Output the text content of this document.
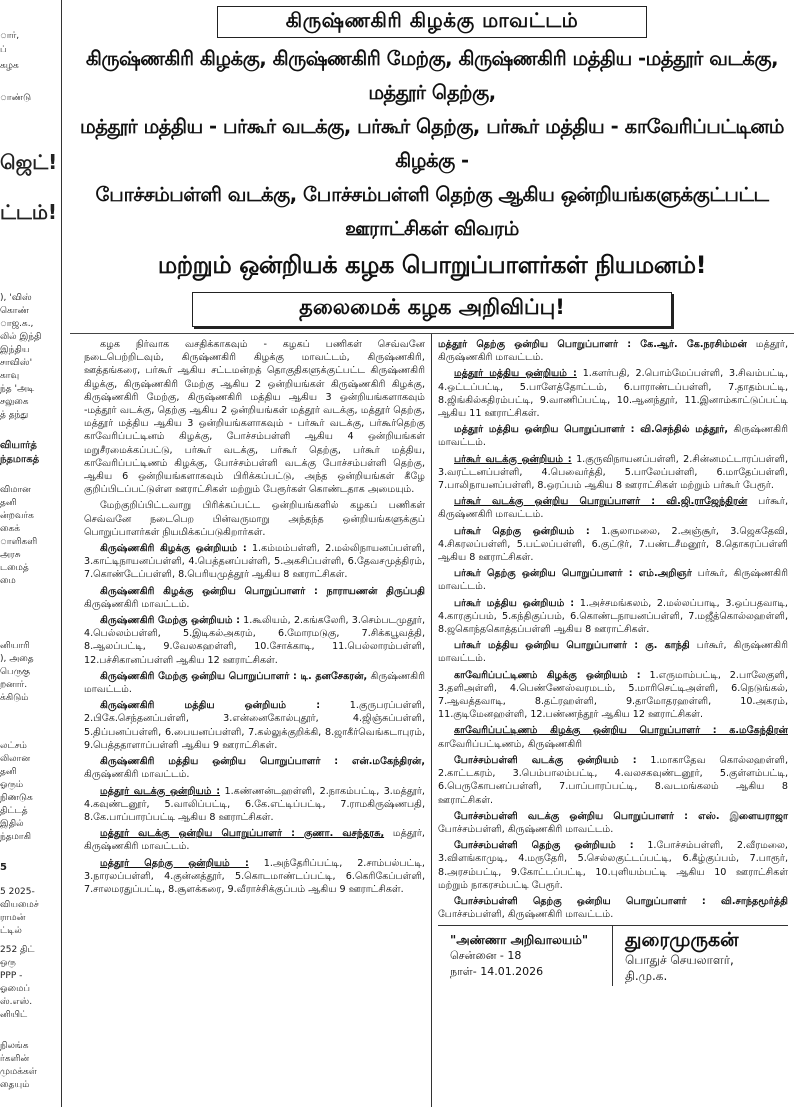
ார்,
ப்
கழக
ாண்டு
ஜெட்!
ட்டம்!
), 'விஸ்
கொண்
ாஜ.க.,
லில் இந்தி
இந்திய
சாவிஸ்'
காவு
ந்த 'அடி
சலுகை
த் தந்து
வியார்த்
ந்தமாகத்
விமான
தனி
ன்றவர்க
கைக்
ாளிகளி
அரசு
டமைத்
மை
னியாரி
), அதை
பெருகு
றனார்.
க்கிடும்
லட்சம்
லிலான
தனி
ஓரும்
நிணடுக
திட்டத்
இதில்
ந்தமாகி
5
5 2025-
வியமைச்
ராமன்
ட்டில்
252 திட்
ஒரு
PPP -
ஓமைப்
ஸ்.எஸ்.
னியிட்
நிலங்க
ர்களின்
முமக்கள்
தையும்
கிருஷ்ணகிரி கிழக்கு மாவட்டம்
கிருஷ்ணகிரி கிழக்கு, கிருஷ்ணகிரி மேற்கு, கிருஷ்ணகிரி மத்திய -மத்தூர் வடக்கு, மத்தூர் தெற்கு,
மத்தூர் மத்திய - பர்கூர் வடக்கு, பர்கூர் தெற்கு, பர்கூர் மத்திய - காவேரிப்பட்டினம் கிழக்கு -
போச்சம்பள்ளி வடக்கு, போச்சம்பள்ளி தெற்கு ஆகிய ஒன்றியங்களுக்குட்பட்ட ஊராட்சிகள் விவரம்
மற்றும் ஒன்றியக் கழக பொறுப்பாளர்கள் நியமனம்!
தலைமைக் கழக அறிவிப்பு!

கழக நிர்வாக வசதிக்காகவும் - கழகப் பணிகள் செவ்வனே நடைபெற்றிடவும், கிருஷ்ணகிரி கிழக்கு மாவட்டம், கிருஷ்ணகிரி, ஊத்தங்கரை, பர்கூர் ஆகிய சட்டமன்றத் தொகுதிகளுக்குட்பட்ட கிருஷ்ணகிரி கிழக்கு, கிருஷ்ணகிரி மேற்கு ஆகிய 2 ஒன்றியங்கள் கிருஷ்ணகிரி கிழக்கு, கிருஷ்ணகிரி மேற்கு, கிருஷ்ணகிரி மத்திய ஆகிய 3 ஒன்றியங்களாகவும் -மத்தூர் வடக்கு, தெற்கு ஆகிய 2 ஒன்றியங்கள் மத்தூர் வடக்கு, மத்தூர் தெற்கு, மத்தூர் மத்திய ஆகிய 3 ஒன்றியங்களாகவும் - பர்கூர் வடக்கு, பர்கூர்தெற்கு காவேரிப்பட்டினம் கிழக்கு, போச்சம்பள்ளி ஆகிய 4 ஒன்றியங்கள் மறுசீரமைக்கப்பட்டு, பர்கூர் வடக்கு, பர்கூர் தெற்கு, பர்கூர் மத்திய, காவேரிப்பட்டிணம் கிழக்கு, போச்சம்பள்ளி வடக்கு போச்சம்பள்ளி தெற்கு, ஆகிய 6 ஒன்றியங்களாகவும் பிரிக்கப்பட்டு, அந்த ஒன்றியங்கள் கீழே குறிப்பிடப்பட்டுள்ள ஊராட்சிகள் மற்றும் பேரூர்கள் கொண்டதாக அமையும்.

மேற்குறிப்பிட்டவாறு பிரிக்கப்பட்ட ஒன்றியங்களில் கழகப் பணிகள் செவ்வனே நடைபெற பின்வருமாறு அந்தந்த ஒன்றியங்களுக்குப் பொறுப்பாளர்கள் நியமிக்கப்படுகிறார்கள்.

கிருஷ்ணகிரி கிழக்கு ஒன்றியம் : 1.கம்மம்பள்ளி, 2.மல்லிநாயனப்பள்ளி, 3.காட்டிநாயனப்பள்ளி, 4.பெத்தனப்பள்ளி, 5.அகசிப்பள்ளி, 6.தேவசமுத்திரம், 7.கொண்டேப்பள்ளி, 8.பெரியமுத்தூர் ஆகிய 8 ஊராட்சிகள்.

கிருஷ்ணகிரி கிழக்கு ஒன்றிய பொறுப்பாளர் : நாராயணன் திருப்பதி கிருஷ்ணகிரி மாவட்டம்.

கிருஷ்ணகிரி மேற்கு ஒன்றியம் : 1.கூலியம், 2.கங்கலேரி, 3.செம்படமுதூர், 4.பெல்லம்பள்ளி, 5.இடிகல்அகரம், 6.மோரமடுகு, 7.சிக்கபூவத்தி, 8.ஆலப்பட்டி, 9.வேலகஹள்ளி, 10.சோக்காடி, 11.பெல்லாரம்பள்ளி, 12.பச்சிகானப்பள்ளி ஆகிய 12 ஊராட்சிகள்.

கிருஷ்ணகிரி மேற்கு ஒன்றிய பொறுப்பாளர் : டி. தனசேகரன், கிருஷ்ணகிரி மாவட்டம்.

கிருஷ்ணகிரி மத்திய ஒன்றியம் :	1.குருபரப்பள்ளி, 2.பிகே.செந்தனப்பள்ளி, 3.என்னைகோல்புதூர், 4.ஜிஞ்சுப்பள்ளி, 5.திப்பனப்பள்ளி, 6.பையனப்பள்ளி, 7.கல்லுக்குறிக்கி, 8.ஜாகீர்வெங்கடாபுரம், 9.பெத்ததாளாப்பள்ளி ஆகிய 9 ஊராட்சிகள்.

கிருஷ்ணகிரி மத்திய ஒன்றிய பொறுப்பாளர் : என்.மகேந்திரன், கிருஷ்ணகிரி மாவட்டம்.

மத்தூர் வடக்கு ஒன்றியம் : 1.கண்ணன்டஹள்ளி, 2.நாகம்பட்டி, 3.மத்தூர், 4.கவுண்டனூர், 5.வாலிப்பட்டி, 6.கே.எட்டிப்பட்டி, 7.ராமகிருஷ்ணபதி, 8.கே.பாப்பாரப்பட்டி ஆகிய 8 ஊராட்சிகள்.

மத்தூர் வடக்கு ஒன்றிய பொறுப்பாளர் : குணா. வசந்தரசு, மத்தூர், கிருஷ்ணகிரி மாவட்டம்.

மத்தூர் தெற்கு ஒன்றியம் : 1.அந்தேரிப்பட்டி, 2.சாம்பல்பட்டி, 3.நாரலப்பள்ளி, 4.குன்னத்தூர், 5.கொடமாண்டப்பட்டி, 6.கெரிகேப்பள்ளி, 7.சாலமரதுப்பட்டி, 8.சூளக்கரை, 9.வீராச்சிக்குப்பம் ஆகிய 9 ஊராட்சிகள்.

மத்தூர் தெற்கு ஒன்றிய பொறுப்பாளர் : கே.ஆர். கே.நரசிம்மன் மத்தூர், கிருஷ்ணகிரி மாவட்டம்.

மத்தூர் மத்திய ஒன்றியம் : 1.களர்பதி, 2.பொம்மேப்பள்ளி, 3.சிவம்பட்டி, 4.ஒட்டப்பட்டி, 5.பாளேத்தோட்டம், 6.பாராண்டப்பள்ளி, 7.தாதம்பட்டி, 8.ஜிங்கில்கதிரம்பட்டி, 9.வாணிப்பட்டி, 10.ஆனந்தூர், 11.இனாம்காட்டுப்பட்டி ஆகிய 11 ஊராட்சிகள்.

மத்தூர் மத்திய ஒன்றிய பொறுப்பாளர் : வி.செந்தில் மத்தூர், கிருஷ்ணகிரி மாவட்டம்.

பர்கூர் வடக்கு ஒன்றியம் : 1.குருவிநாயனப்பள்ளி, 2.சின்னமட்டாரப்பள்ளி, 3.வரட்டனப்பள்ளி, 4.பெவைர்த்தி, 5.பாலேப்பள்ளி, 6.மாதேப்பள்ளி, 7.பாலிநாயனப்பள்ளி, 8.ஒரப்பம் ஆகிய 8 ஊராட்சிகள் மற்றும் பர்கூர் பேரூர்.

பர்கூர் வடக்கு ஒன்றிய பொறுப்பாளர் : வி.ஜி.ராஜேந்திரன் பர்கூர், கிருஷ்ணகிரி மாவட்டம்.

பர்கூர் தெற்கு ஒன்றியம் : 1.சூலாமலை, 2.அஞ்சூர், 3.ஜெகதேவி, 4.சிகரலப்பள்ளி, 5.பட்லப்பள்ளி, 6.குட்டூர், 7.பண்டசீமனூர், 8.தொகரப்பள்ளி ஆகிய 8 ஊராட்சிகள்.

பர்கூர் தெற்கு ஒன்றிய பொறுப்பாளர் : எம்.அறிஞர் பர்கூர், கிருஷ்ணகிரி மாவட்டம்.

பர்கூர் மத்திய ஒன்றியம் : 1.அச்சமங்கலம், 2.மல்லப்பாடி, 3.ஒப்பதவாடி, 4.காரகுப்பம், 5.கந்திகுப்பம், 6.கொண்டநாயனப்பள்ளி, 7.மஜீத்கொல்லஹள்ளி, 8.ஜகொந்தகொத்தப்பள்ளி ஆகிய 8 ஊராட்சிகள்.

பர்கூர் மத்திய ஒன்றிய பொறுப்பாளர் : கு. காந்தி பர்கூர், கிருஷ்ணகிரி மாவட்டம்.

காவேரிப்பட்டிணம் கிழக்கு ஒன்றியம் : 1.எருமாம்பட்டி, 2.பாலேகுளி, 3.தளிஅள்ளி, 4.பெண்ணேஸ்வரமடம், 5.மாரிசெட்டிஅள்ளி, 6.நெடுங்கல், 7.ஆவத்தவாடி, 8.தட்ரஹள்ளி, 9.தாமோதரஹள்ளி, 10.அகரம், 11.குடிமேனஹள்ளி, 12.பண்ணந்தூர் ஆகிய 12 ஊராட்சிகள்.

காவேரிப்பட்டிணம் கிழக்கு ஒன்றிய பொறுப்பாளர் : க.மகேந்திரன் காவேரிப்பட்டிணம், கிருஷ்ணகிரி

போச்சம்பள்ளி வடக்கு ஒன்றியம் : 1.மாகாதேவ கொல்லஹள்ளி, 2.காட்டகரம், 3.பெம்பாலம்பட்டி, 4.வலசகவுண்டனூர், 5.குள்ளம்பட்டி, 6.பெருகோபனப்பள்ளி, 7.பாப்பாரப்பட்டி, 8.வடமங்கலம் ஆகிய 8 ஊராட்சிகள்.

போச்சம்பள்ளி வடக்கு ஒன்றிய பொறுப்பாளர் : எஸ். இளையராஜா போச்சம்பள்ளி, கிருஷ்ணகிரி மாவட்டம்.

போச்சம்பள்ளி தெற்கு ஒன்றியம் : 1.போச்சம்பள்ளி, 2.வீரமலை, 3.விளங்காமுடி, 4.மருதேரி, 5.செல்லகுட்டப்பட்டி, 6.கீழ்குப்பம், 7.பாரூர், 8.அரசம்பட்டி, 9.கோட்டப்பட்டி, 10.புளியம்பட்டி ஆகிய 10 ஊராட்சிகள் மற்றும் நாகரசம்பட்டி பேரூர்.

போச்சம்பள்ளி தெற்கு ஒன்றிய பொறுப்பாளர் : வி.சாந்தமூர்த்தி போச்சம்பள்ளி, கிருஷ்ணகிரி மாவட்டம்.

"அண்ணா அறிவாலயம்"
சென்னை - 18
நாள்- 14.01.2026
துரைமுருகன்
பொதுச் செயலாளர்,
தி.மு.க.
